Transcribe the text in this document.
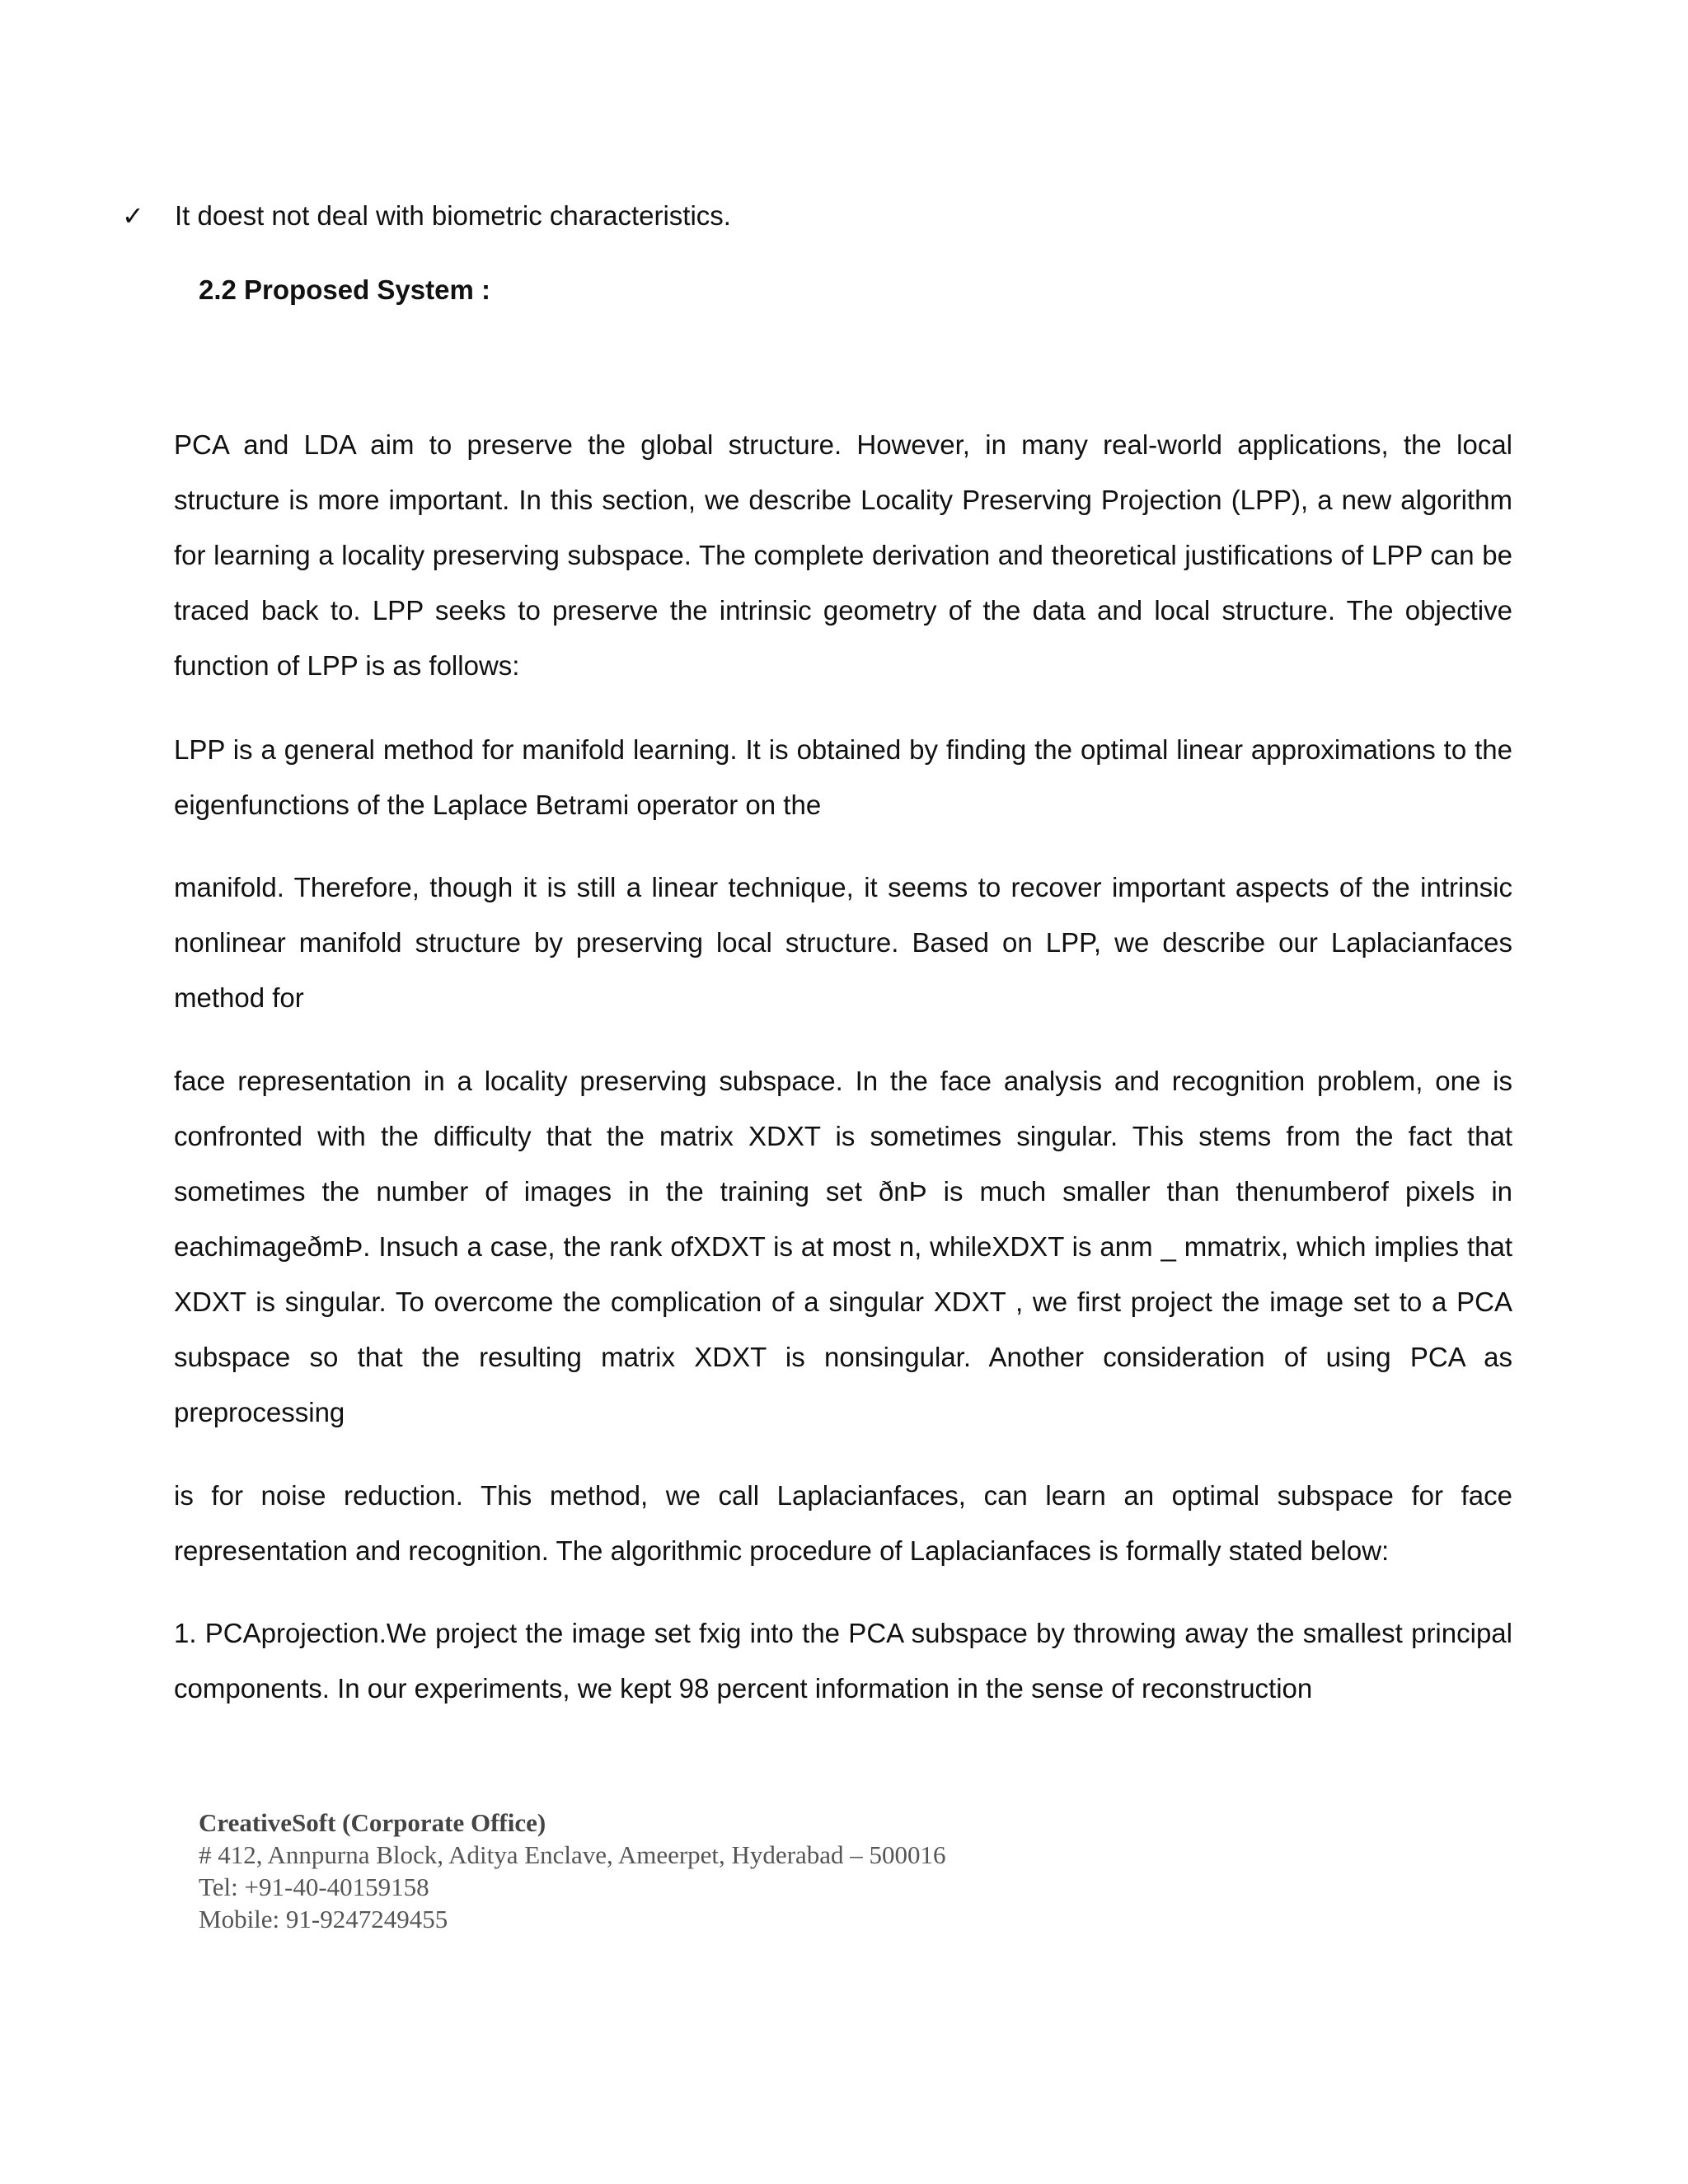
✓ It doest not deal with biometric characteristics.
2.2 Proposed System :

PCA and LDA aim to preserve the global structure. However, in many real-world applications, the local structure is more important. In this section, we describe Locality Preserving Projection (LPP), a new algorithm for learning a locality preserving subspace. The complete derivation and theoretical justifications of LPP can be traced back to. LPP seeks to preserve the intrinsic geometry of the data and local structure. The objective function of LPP is as follows:

LPP is a general method for manifold learning. It is obtained by finding the optimal linear approximations to the eigenfunctions of the Laplace Betrami operator on the

manifold. Therefore, though it is still a linear technique, it seems to recover important aspects of the intrinsic nonlinear manifold structure by preserving local structure. Based on LPP, we describe our Laplacianfaces method for

face representation in a locality preserving subspace. In the face analysis and recognition problem, one is confronted with the difficulty that the matrix XDXT is sometimes singular. This stems from the fact that sometimes the number of images in the training set ðnÞ is much smaller than thenumberof pixels in eachimageðmÞ. Insuch a case, the rank ofXDXT is at most n, whileXDXT is anm _ mmatrix, which implies that XDXT is singular. To overcome the complication of a singular XDXT , we first project the image set to a PCA subspace so that the resulting matrix XDXT is nonsingular. Another consideration of using PCA as preprocessing

is for noise reduction. This method, we call Laplacianfaces, can learn an optimal subspace for face representation and recognition. The algorithmic procedure of Laplacianfaces is formally stated below:

1. PCAprojection.We project the image set fxig into the PCA subspace by throwing away the smallest principal components. In our experiments, we kept 98 percent information in the sense of reconstruction

CreativeSoft (Corporate Office)
# 412, Annpurna Block, Aditya Enclave, Ameerpet, Hyderabad – 500016
Tel: +91-40-40159158
Mobile: 91-9247249455
